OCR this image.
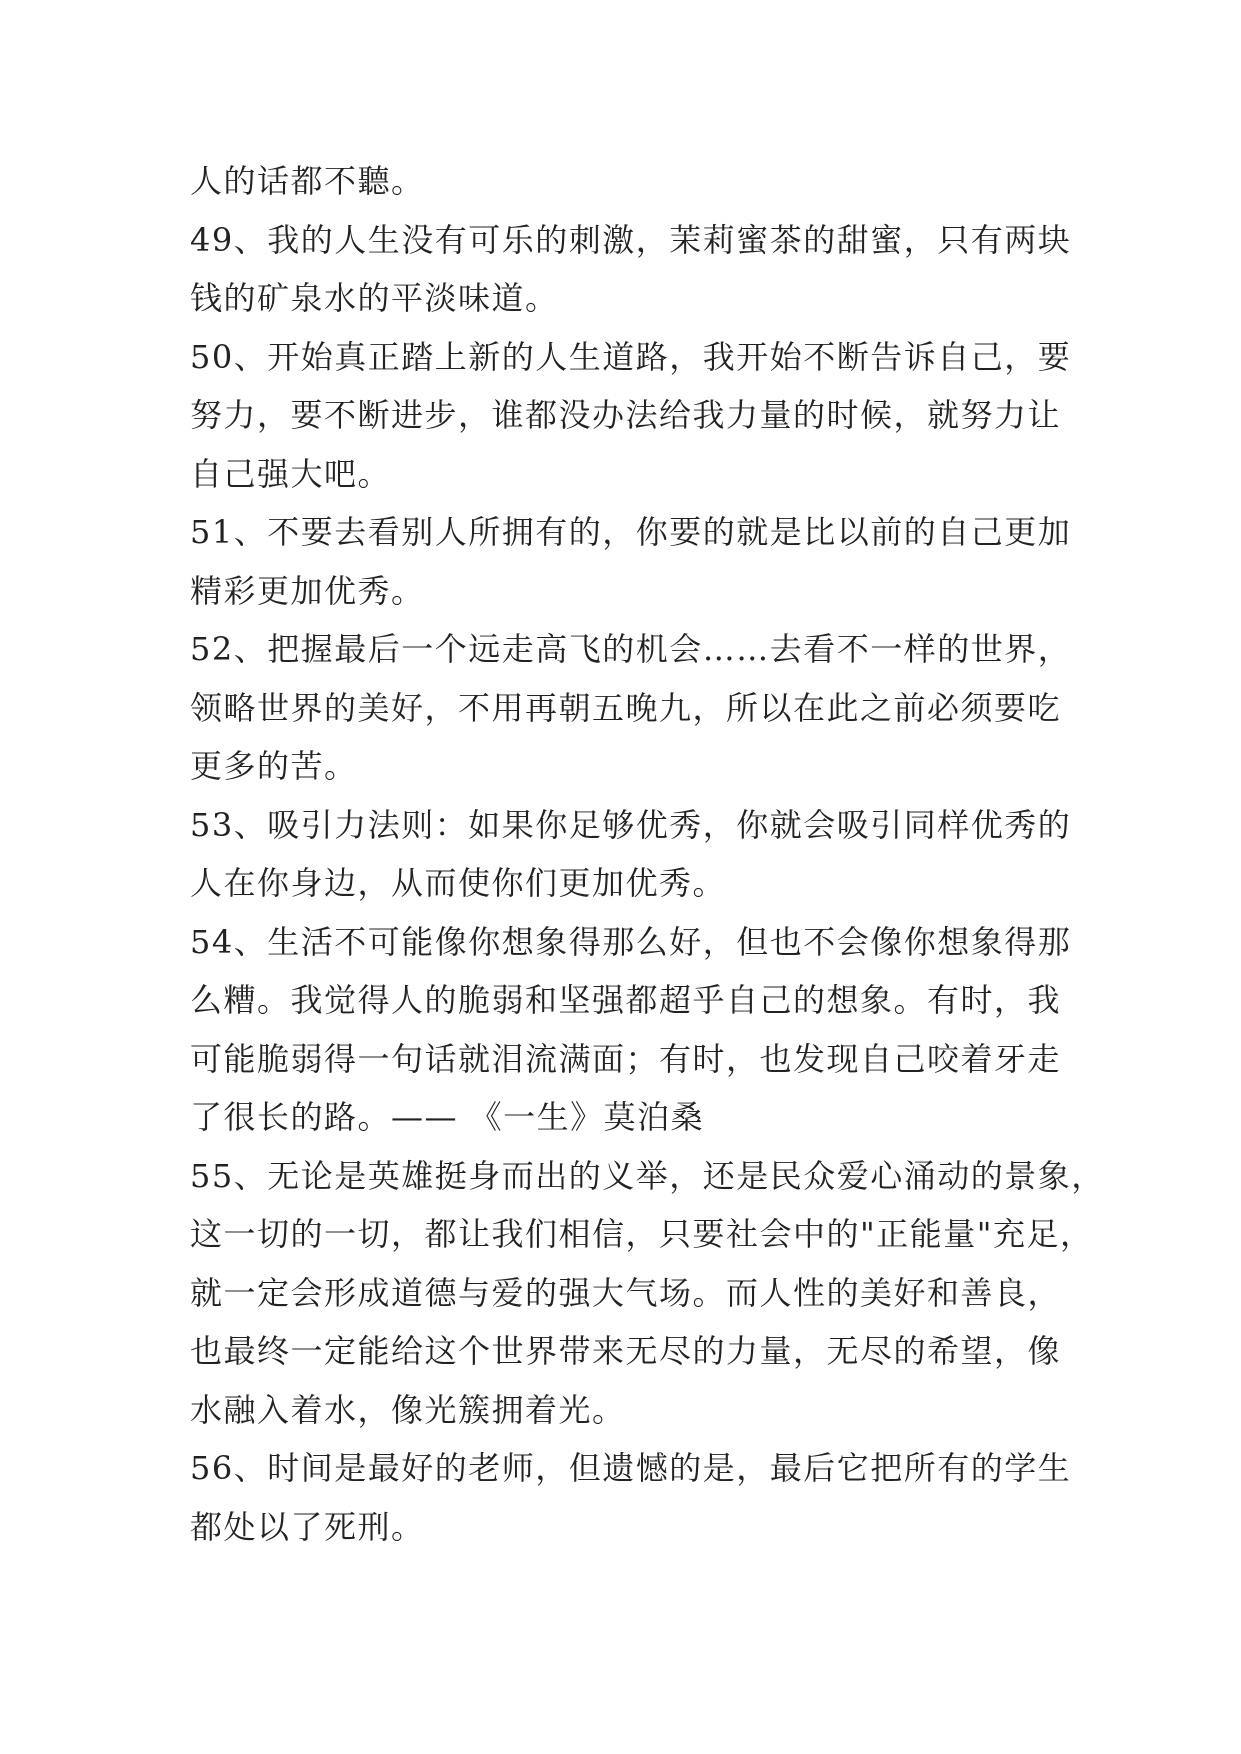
人的话都不聽。
49、我的人生没有可乐的刺激，茉莉蜜茶的甜蜜，只有两块
钱的矿泉水的平淡味道。
50、开始真正踏上新的人生道路，我开始不断告诉自己，要
努力，要不断进步，谁都没办法给我力量的时候，就努力让
自己强大吧。
51、不要去看别人所拥有的，你要的就是比以前的自己更加
精彩更加优秀。
52、把握最后一个远走高飞的机会……去看不一样的世界，
领略世界的美好，不用再朝五晚九，所以在此之前必须要吃
更多的苦。
53、吸引力法则：如果你足够优秀，你就会吸引同样优秀的
人在你身边，从而使你们更加优秀。
54、生活不可能像你想象得那么好，但也不会像你想象得那
么糟。我觉得人的脆弱和坚强都超乎自己的想象。有时，我
可能脆弱得一句话就泪流满面；有时，也发现自己咬着牙走
了很长的路。—— 《一生》莫泊桑
55、无论是英雄挺身而出的义举，还是民众爱心涌动的景象，
这一切的一切，都让我们相信，只要社会中的"正能量"充足，
就一定会形成道德与爱的强大气场。而人性的美好和善良，
也最终一定能给这个世界带来无尽的力量，无尽的希望，像
水融入着水，像光簇拥着光。
56、时间是最好的老师，但遗憾的是，最后它把所有的学生
都处以了死刑。
